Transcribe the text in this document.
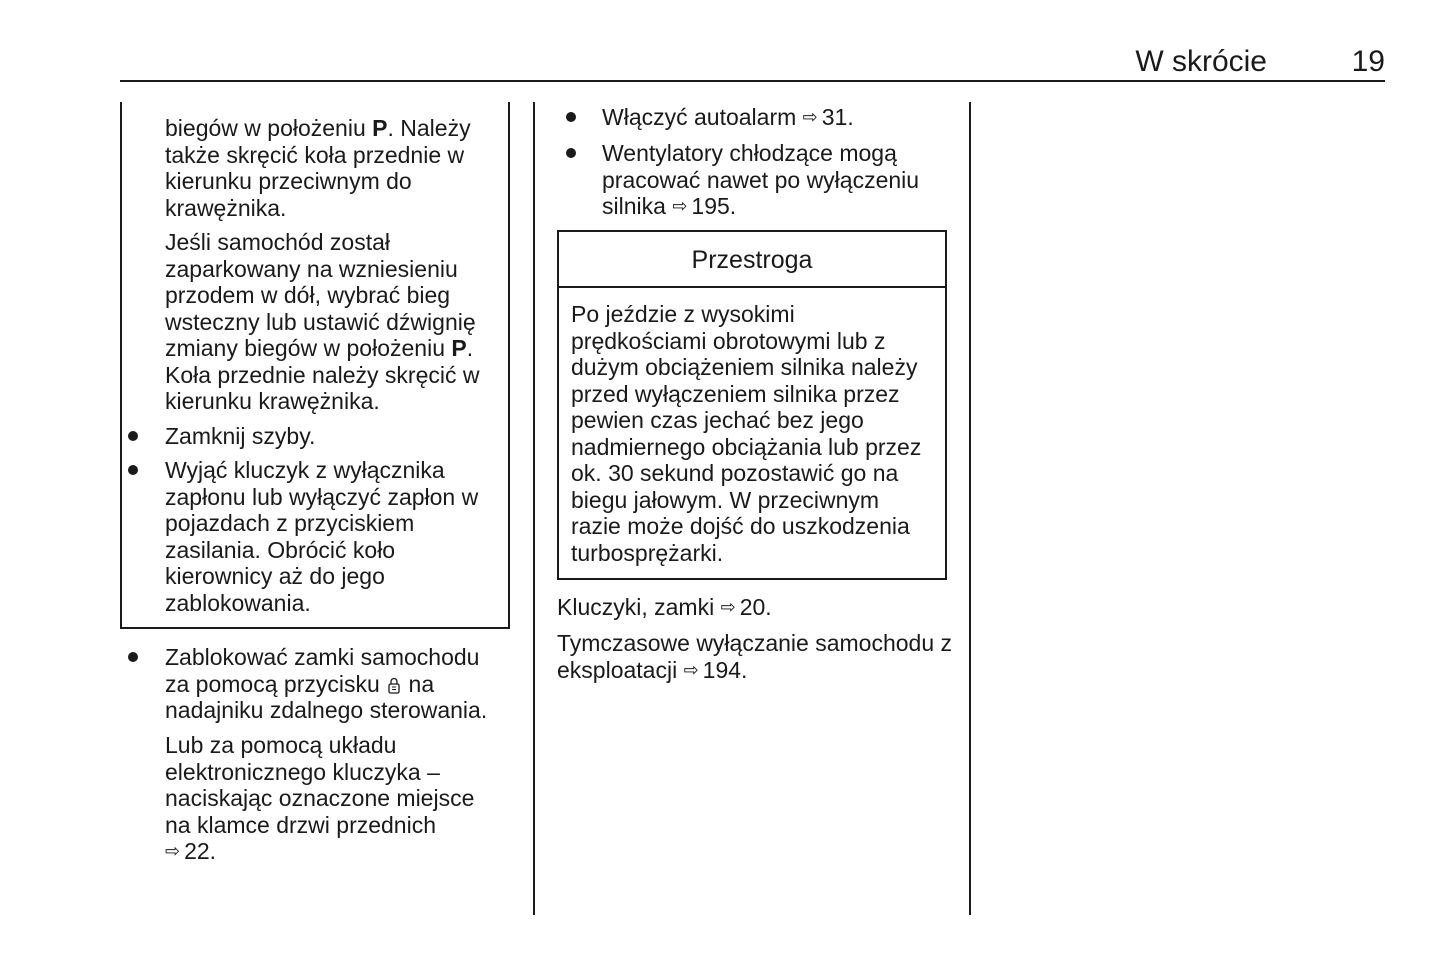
W skrócie	19
biegów w położeniu P. Należy także skręcić koła przednie w kierunku przeciwnym do krawężnika.
Jeśli samochód został zaparkowany na wzniesieniu przodem w dół, wybrać bieg wsteczny lub ustawić dźwignię zmiany biegów w położeniu P. Koła przednie należy skręcić w kierunku krawężnika.
Zamknij szyby.
Wyjąć kluczyk z wyłącznika zapłonu lub wyłączyć zapłon w pojazdach z przyciskiem zasilania. Obrócić koło kierownicy aż do jego zablokowania.
Zablokować zamki samochodu za pomocą przycisku na nadajniku zdalnego sterowania.
Lub za pomocą układu elektronicznego kluczyka – naciskając oznaczone miejsce na klamce drzwi przednich
⇨ 22.
Włączyć autoalarm ⇨ 31.
Wentylatory chłodzące mogą pracować nawet po wyłączeniu silnika ⇨ 195.
Przestroga
Po jeździe z wysokimi prędkościami obrotowymi lub z dużym obciążeniem silnika należy przed wyłączeniem silnika przez pewien czas jechać bez jego nadmiernego obciążania lub przez ok. 30 sekund pozostawić go na biegu jałowym. W przeciwnym razie może dojść do uszkodzenia turbosprężarki.
Kluczyki, zamki ⇨ 20.
Tymczasowe wyłączanie samochodu z eksploatacji ⇨ 194.
